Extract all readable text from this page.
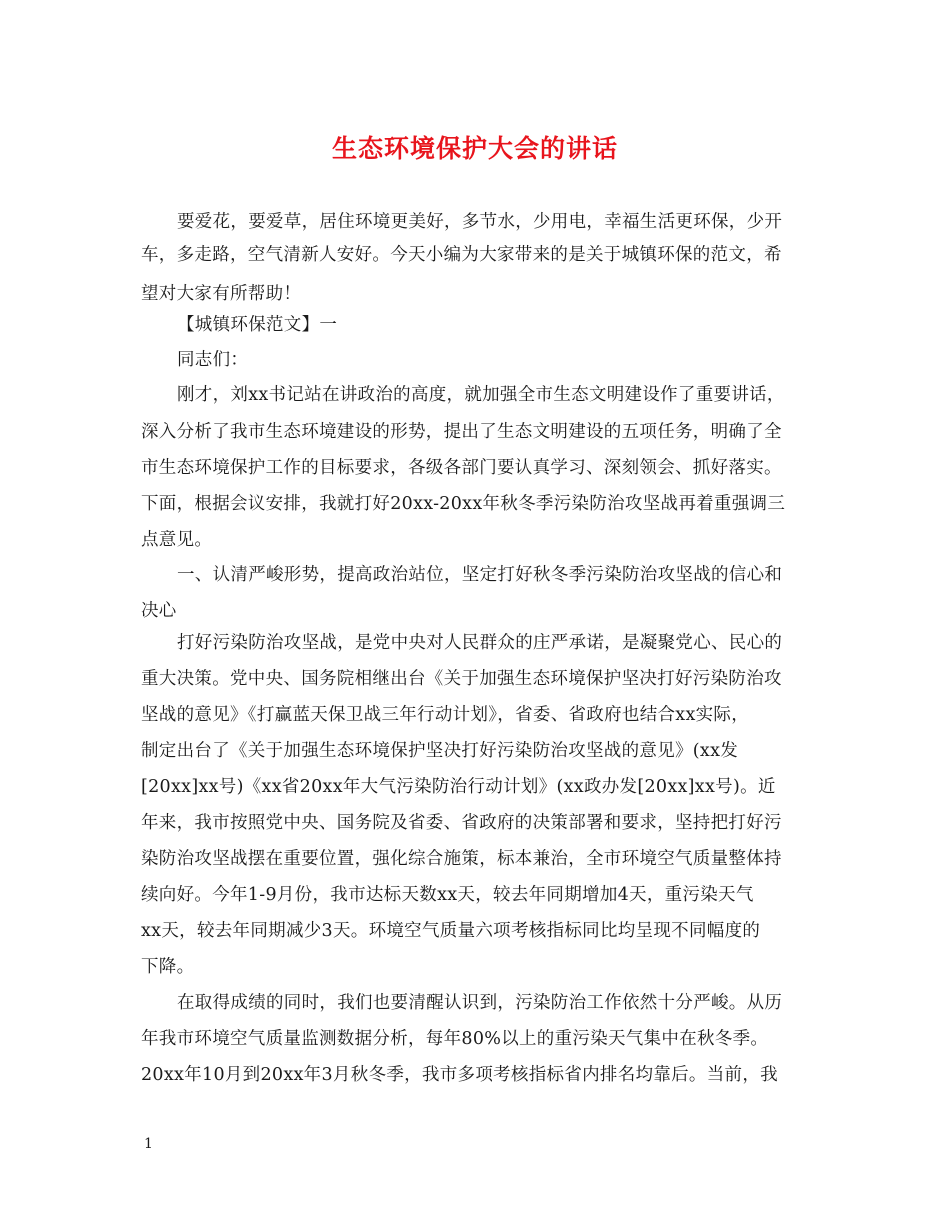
生态环境保护大会的讲话
要爱花，要爱草，居住环境更美好，多节水，少用电，幸福生活更环保，少开
车，多走路，空气清新人安好。今天小编为大家带来的是关于城镇环保的范文，希
望对大家有所帮助！
【城镇环保范文】一
同志们：
刚才，刘xx书记站在讲政治的高度，就加强全市生态文明建设作了重要讲话，
深入分析了我市生态环境建设的形势，提出了生态文明建设的五项任务，明确了全
市生态环境保护工作的目标要求，各级各部门要认真学习、深刻领会、抓好落实。
下面，根据会议安排，我就打好20xx-20xx年秋冬季污染防治攻坚战再着重强调三
点意见。
一、认清严峻形势，提高政治站位，坚定打好秋冬季污染防治攻坚战的信心和
决心
打好污染防治攻坚战，是党中央对人民群众的庄严承诺，是凝聚党心、民心的
重大决策。党中央、国务院相继出台《关于加强生态环境保护坚决打好污染防治攻
坚战的意见》《打赢蓝天保卫战三年行动计划》，省委、省政府也结合xx实际，
制定出台了《关于加强生态环境保护坚决打好污染防治攻坚战的意见》(xx发
[20xx]xx号)《xx省20xx年大气污染防治行动计划》(xx政办发[20xx]xx号)。近
年来，我市按照党中央、国务院及省委、省政府的决策部署和要求，坚持把打好污
染防治攻坚战摆在重要位置，强化综合施策，标本兼治，全市环境空气质量整体持
续向好。今年1-9月份，我市达标天数xx天，较去年同期增加4天，重污染天气
xx天，较去年同期减少3天。环境空气质量六项考核指标同比均呈现不同幅度的
下降。
在取得成绩的同时，我们也要清醒认识到，污染防治工作依然十分严峻。从历
年我市环境空气质量监测数据分析，每年80%以上的重污染天气集中在秋冬季。
20xx年10月到20xx年3月秋冬季，我市多项考核指标省内排名均靠后。当前，我
1
